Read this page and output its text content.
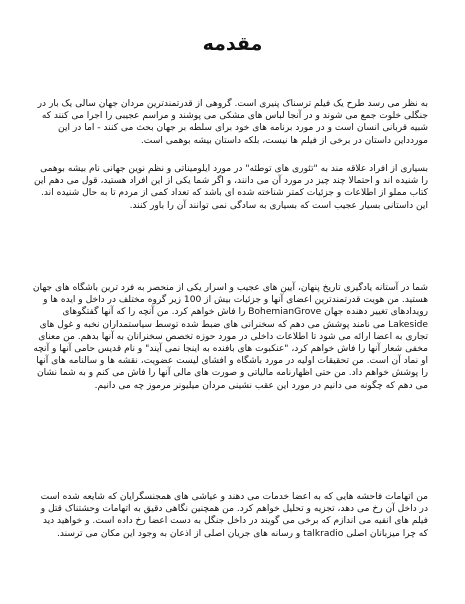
مقدمه

به نظر می رسد طرح یک فیلم ترسناک پنیری است. گروهی از قدرتمندترین مردان جهان سالی یک بار در جنگلی خلوت جمع می شوند و در آنجا لباس های مشکی می پوشند و مراسم عجیبی را اجرا می کنند که شبیه قربانی انسان است و در مورد برنامه های خود برای سلطه بر جهان بحث می کنند - اما در این موردداین داستان در برخی از فیلم ها نیست، بلکه داستان بیشه بوهمی است.

بسیاری از افراد علاقه مند به "تئوری های توطئه" در مورد ایلومیناتی و نظم نوین جهانی نام بیشه بوهمی را شنیده اند و احتمالا چند چیز در مورد آن می دانند، و اگر شما یکی از این افراد هستید، قول می دهم این کتاب مملو از اطلاعات و جزئیات کمتر شناخته شده ای باشد که تعداد کمی از مردم تا به حال شنیده اند. این داستانی بسیار عجیب است که بسیاری به سادگی نمی توانند آن را باور کنند.

شما در آستانه یادگیری تاریخ پنهان، آیین های عجیب و اسرار یکی از منحصر به فرد ترین باشگاه های جهان هستید. من هویت قدرتمندترین اعضای آنها و جزئیات بیش از 100 زیر گروه مختلف در داخل و ایده ها و رویدادهای تغییر دهنده جهان BohemianGrove را فاش خواهم کرد. من آنچه را که آنها گفتگوهای Lakeside می نامند پوشش می دهم که سخنرانی های ضبط شده توسط سیاستمداران نخبه و غول های تجاری به اعضا ارائه می شود تا اطلاعات داخلی در مورد حوزه تخصص سخنرانان به آنها بدهم. من معنای مخفی شعار آنها را فاش خواهم کرد، "عنکبوت های بافنده به اینجا نمی آیند" و نام قدیس حامی آنها و آنچه او نماد آن است. من تحقیقات اولیه در مورد باشگاه و افشای لیست عضویت، نقشه ها و سالنامه های آنها را پوشش خواهم داد. من حتی اظهارنامه مالیاتی و صورت های مالی آنها را فاش می کنم و به شما نشان می دهم که چگونه می دانیم در مورد این عقب نشینی مردان میلیونر مرموز چه می دانیم.

من اتهامات فاحشه هایی که به اعضا خدمات می دهند و عیاشی های همجنسگرایان که شایعه شده است در داخل آن رخ می دهد، تجزیه و تحلیل خواهم کرد. من همچنین نگاهی دقیق به اتهامات وحشتناک قتل و فیلم های انفیه می اندازم که برخی می گویند در داخل جنگل به دست اعضا رخ داده است. و خواهید دید که چرا میزبانان اصلی talkradio و رسانه های جریان اصلی از اذعان به وجود این مکان می ترسند.
